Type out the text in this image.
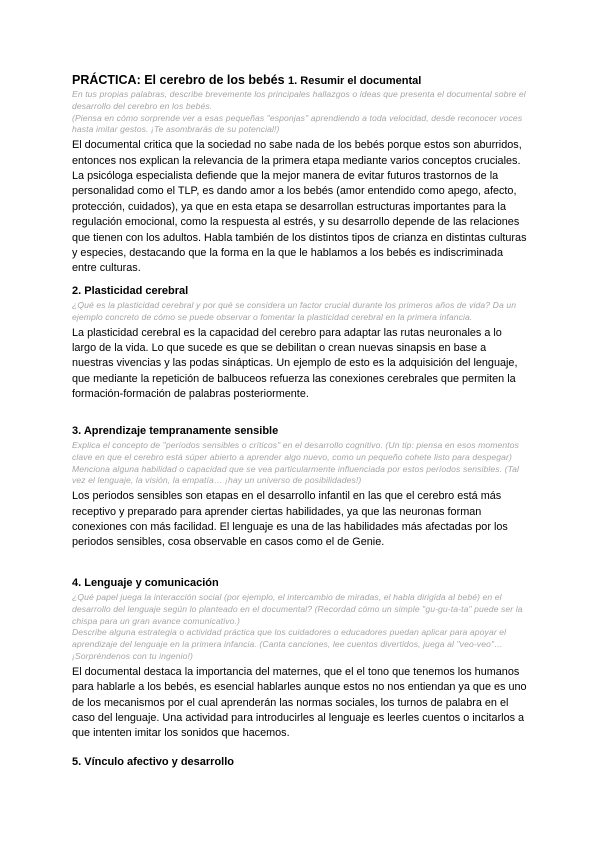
PRÁCTICA: El cerebro de los bebés 1. Resumir el documental

En tus propias palabras, describe brevemente los principales hallazgos o ideas que presenta el documental sobre el desarrollo del cerebro en los bebés.

(Piensa en cómo sorprende ver a esas pequeñas "esponjas" aprendiendo a toda velocidad, desde reconocer voces hasta imitar gestos. ¡Te asombrarás de su potencial!)

El documental critica que la sociedad no sabe nada de los bebés porque estos son aburridos, entonces nos explican la relevancia de la primera etapa mediante varios conceptos cruciales. La psicóloga especialista defiende que la mejor manera de evitar futuros trastornos de la personalidad como el TLP, es dando amor a los bebés (amor entendido como apego, afecto, protección, cuidados), ya que en esta etapa se desarrollan estructuras importantes para la regulación emocional, como la respuesta al estrés, y su desarrollo depende de las relaciones que tienen con los adultos. Habla también de los distintos tipos de crianza en distintas culturas y especies, destacando que la forma en la que le hablamos a los bebés es indiscriminada entre culturas.

2. Plasticidad cerebral

¿Qué es la plasticidad cerebral y por qué se considera un factor crucial durante los primeros años de vida? Da un ejemplo concreto de cómo se puede observar o fomentar la plasticidad cerebral en la primera infancia.

La plasticidad cerebral es la capacidad del cerebro para adaptar las rutas neuronales a lo largo de la vida. Lo que sucede es que se debilitan o crean nuevas sinapsis en base a nuestras vivencias y las podas sinápticas. Un ejemplo de esto es la adquisición del lenguaje, que mediante la repetición de balbuceos refuerza las conexiones cerebrales que permiten la formación-formación de palabras posteriormente.

3. Aprendizaje tempranamente sensible

Explica el concepto de "períodos sensibles o críticos" en el desarrollo cognitivo. (Un tip: piensa en esos momentos clave en que el cerebro está súper abierto a aprender algo nuevo, como un pequeño cohete listo para despegar)

Menciona alguna habilidad o capacidad que se vea particularmente influenciada por estos períodos sensibles. (Tal vez el lenguaje, la visión, la empatía… ¡hay un universo de posibilidades!)

Los periodos sensibles son etapas en el desarrollo infantil en las que el cerebro está más receptivo y preparado para aprender ciertas habilidades, ya que las neuronas forman conexiones con más facilidad. El lenguaje es una de las habilidades más afectadas por los periodos sensibles, cosa observable en casos como el de Genie.

4. Lenguaje y comunicación

¿Qué papel juega la interacción social (por ejemplo, el intercambio de miradas, el habla dirigida al bebé) en el desarrollo del lenguaje según lo planteado en el documental? (Recordad cómo un simple "gu-gu-ta-ta" puede ser la chispa para un gran avance comunicativo.)

Describe alguna estrategia o actividad práctica que los cuidadores o educadores puedan aplicar para apoyar el aprendizaje del lenguaje en la primera infancia. (Canta canciones, lee cuentos divertidos, juega al "veo-veo"… ¡Sorpréndenos con tu ingenio!)

El documental destaca la importancia del maternes, que el el tono que tenemos los humanos para hablarle a los bebés, es esencial hablarles aunque estos no nos entiendan ya que es uno de los mecanismos por el cual aprenderán las normas sociales, los turnos de palabra en el caso del lenguaje. Una actividad para introducirles al lenguaje es leerles cuentos o incitarlos a que intenten imitar los sonidos que hacemos.

5. Vínculo afectivo y desarrollo
